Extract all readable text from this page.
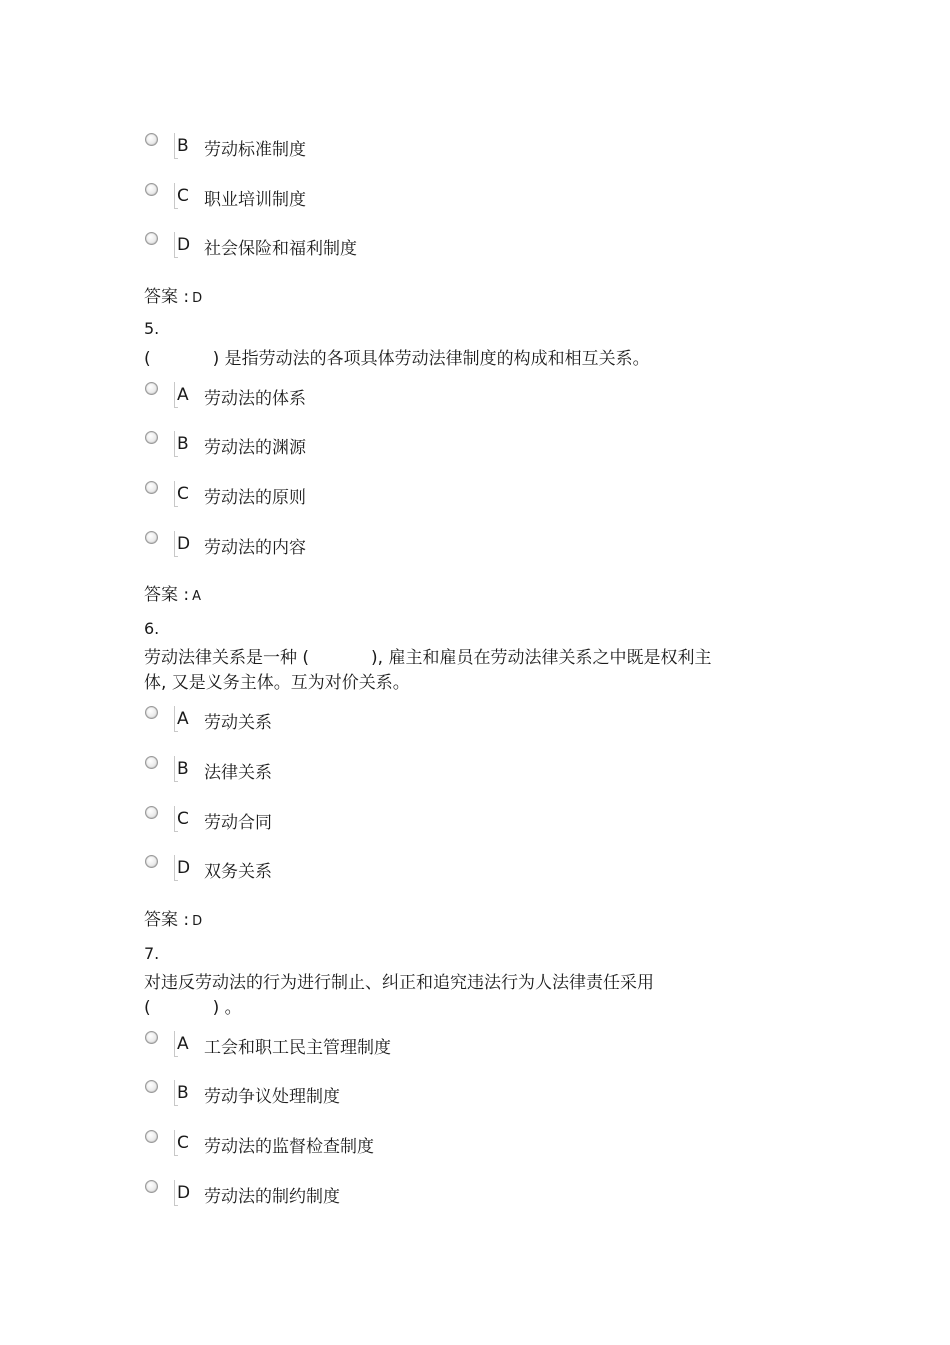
B 劳动标准制度
C 职业培训制度
D 社会保险和福利制度
答案 : D
5.
(	) 是指劳动法的各项具体劳动法律制度的构成和相互关系。
A 劳动法的体系
B 劳动法的渊源
C 劳动法的原则
D 劳动法的内容
答案 : A
6.
劳动法律关系是一种 (	), 雇主和雇员在劳动法律关系之中既是权利主
体, 又是义务主体。互为对价关系。
A 劳动关系
B 法律关系
C 劳动合同
D 双务关系
答案 : D
7.
对违反劳动法的行为进行制止、纠正和追究违法行为人法律责任采用
(	) 。
A 工会和职工民主管理制度
B 劳动争议处理制度
C 劳动法的监督检查制度
D 劳动法的制约制度
